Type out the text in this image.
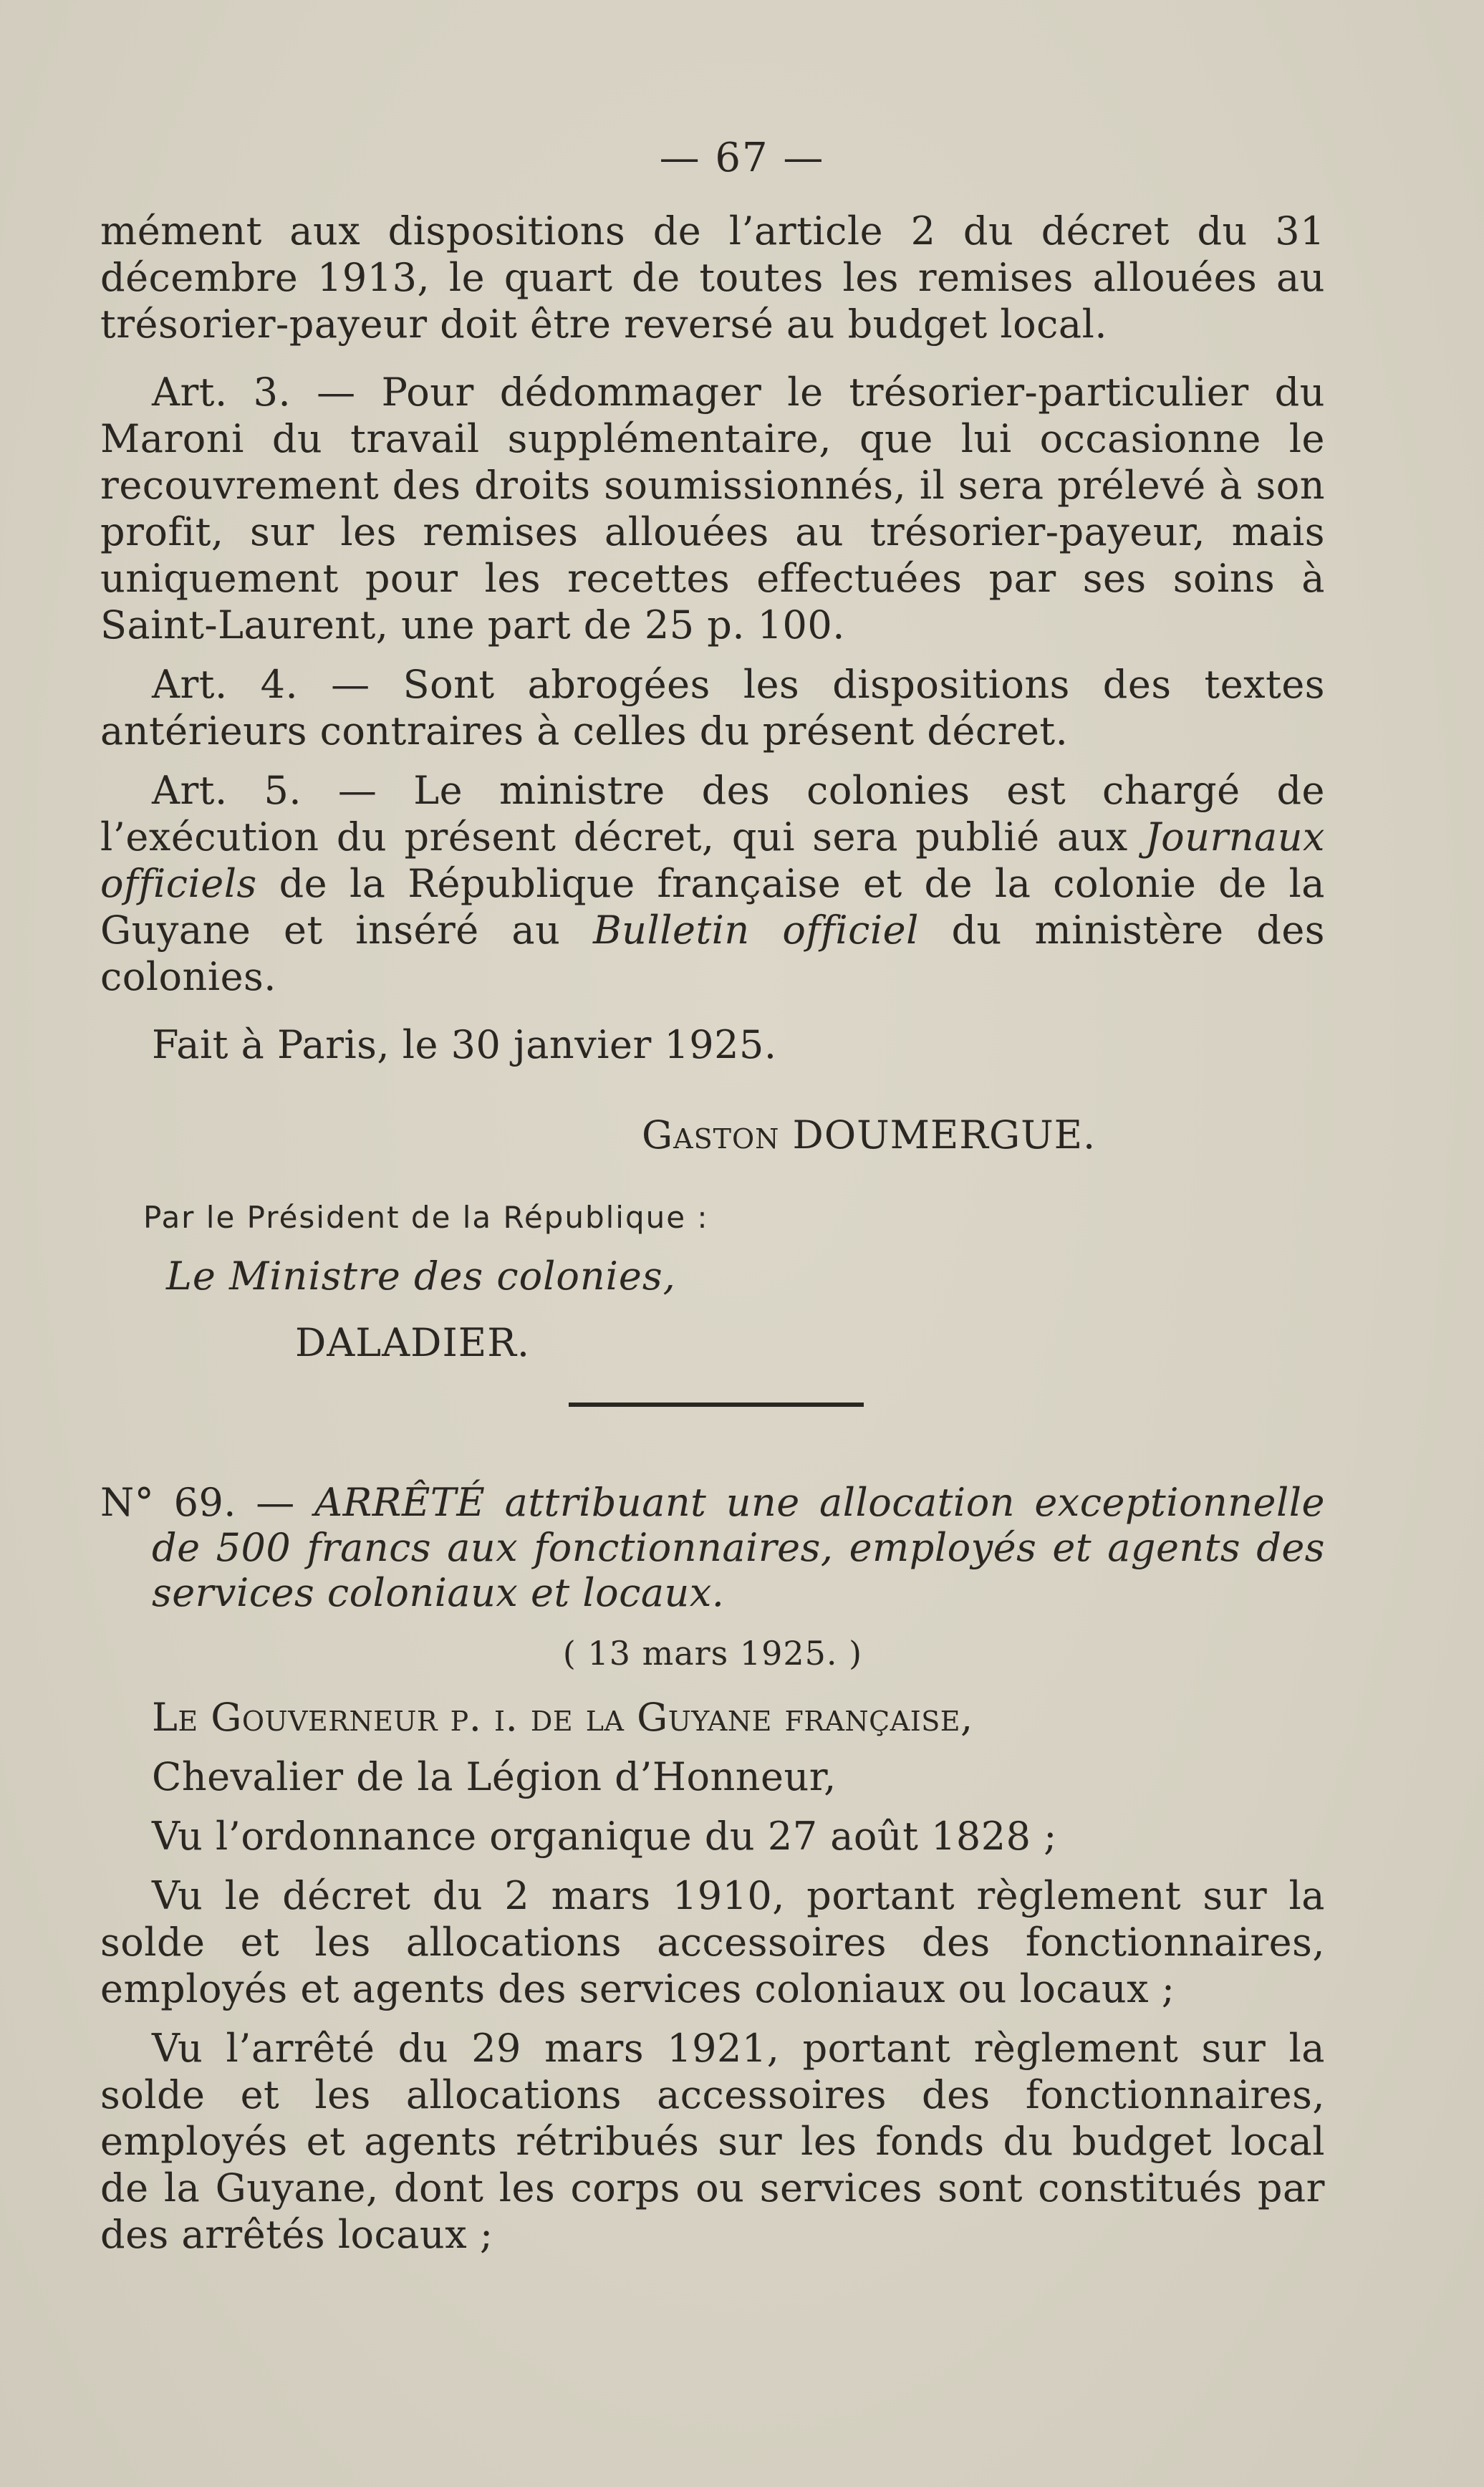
— 67 —

mément aux dispositions de l’article 2 du décret du 31 décembre 1913, le quart de toutes les remises allouées au trésorier-payeur doit être reversé au budget local.

Art. 3. — Pour dédommager le trésorier-particulier du Maroni du travail supplémentaire, que lui occasionne le recouvrement des droits soumissionnés, il sera prélevé à son profit, sur les remises allouées au trésorier-payeur, mais uniquement pour les recettes effectuées par ses soins à Saint-Laurent, une part de 25 p. 100.

Art. 4. — Sont abrogées les dispositions des textes antérieurs contraires à celles du présent décret.

Art. 5. — Le ministre des colonies est chargé de l’exécution du présent décret, qui sera publié aux Journaux officiels de la République française et de la colonie de la Guyane et inséré au Bulletin officiel du ministère des colonies.

Fait à Paris, le 30 janvier 1925.

Gaston DOUMERGUE.
Par le Président de la République :
Le Ministre des colonies,
DALADIER.

N° 69. — ARRÊTÉ attribuant une allocation exceptionnelle de 500 francs aux fonctionnaires, employés et agents des services coloniaux et locaux.

( 13 mars 1925. )

Le Gouverneur p. i. de la Guyane française,

Chevalier de la Légion d’Honneur,

Vu l’ordonnance organique du 27 août 1828 ;

Vu le décret du 2 mars 1910, portant règlement sur la solde et les allocations accessoires des fonctionnaires, employés et agents des services coloniaux ou locaux ;

Vu l’arrêté du 29 mars 1921, portant règlement sur la solde et les allocations accessoires des fonctionnaires, employés et agents rétribués sur les fonds du budget local de la Guyane, dont les corps ou services sont constitués par des arrêtés locaux ;
